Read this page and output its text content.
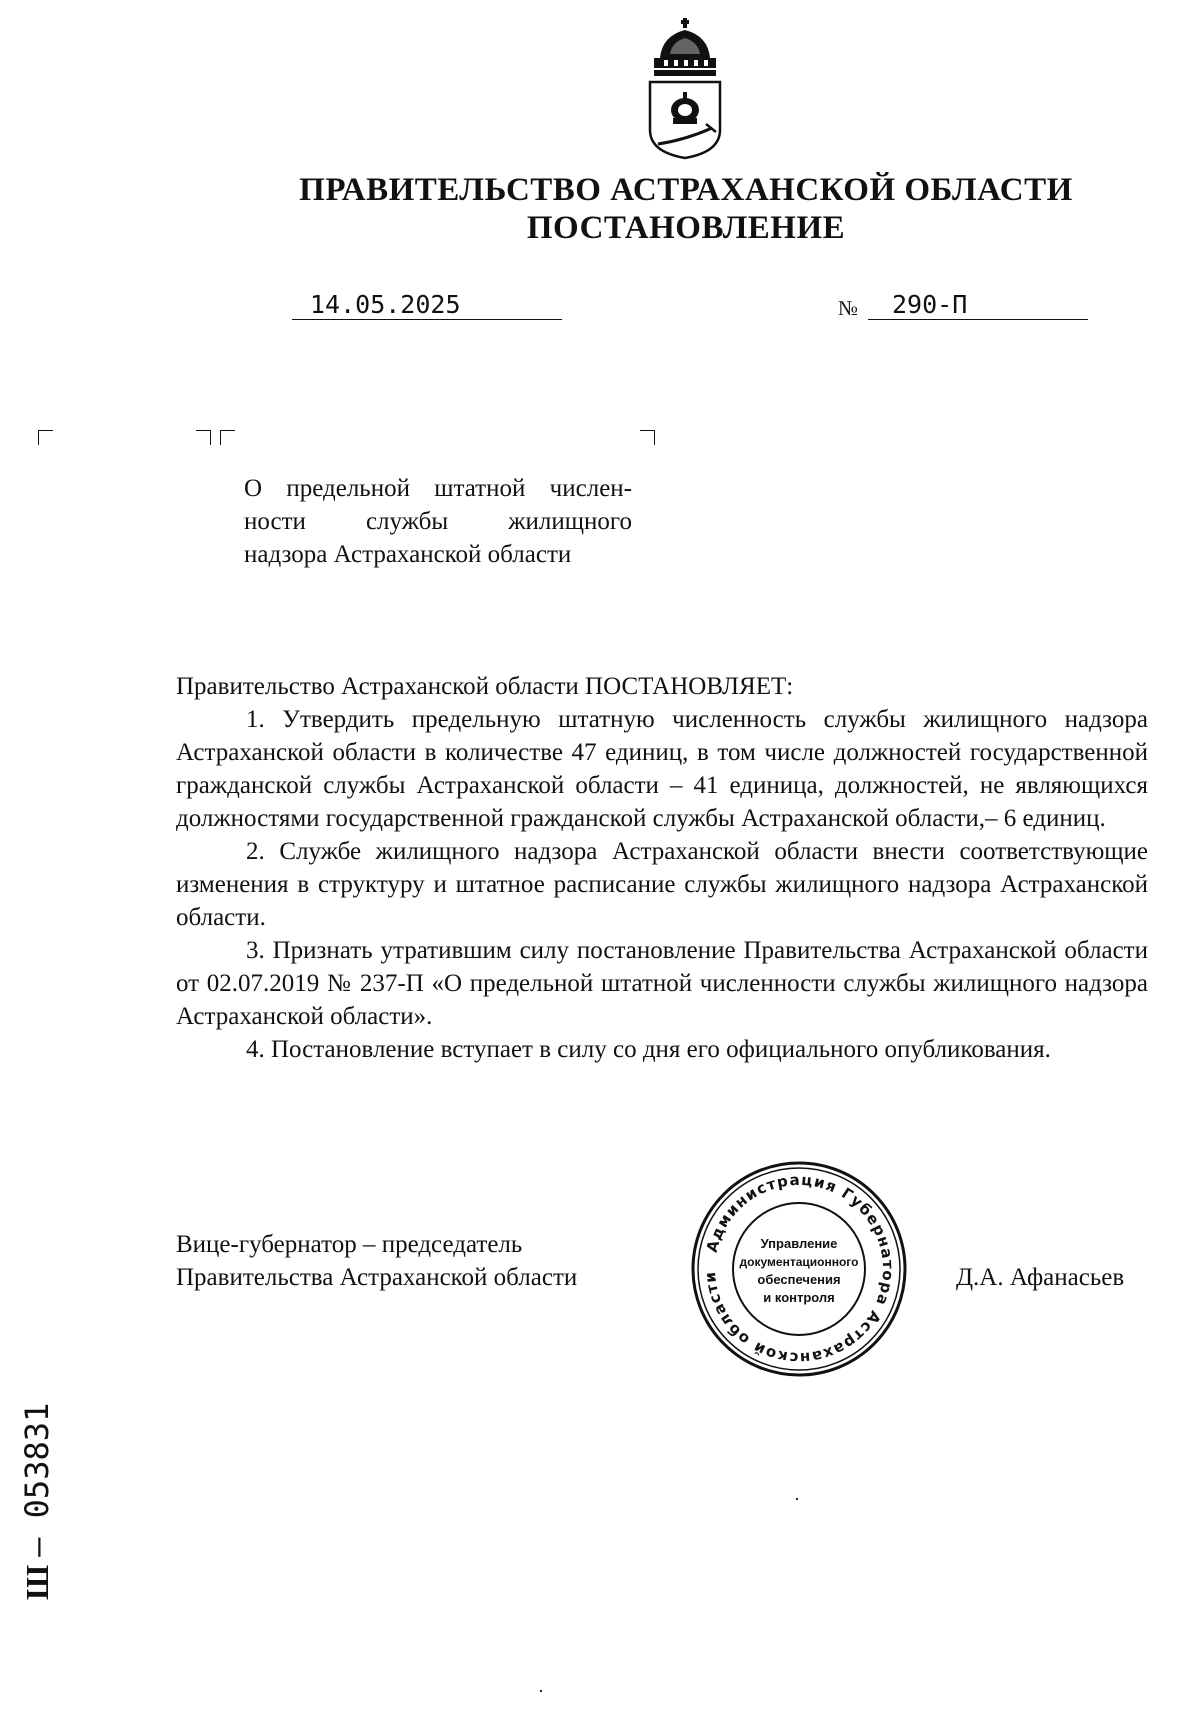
ПРАВИТЕЛЬСТВО АСТРАХАНСКОЙ ОБЛАСТИ
ПОСТАНОВЛЕНИЕ
14.05.2025	№ 290-П
О предельной штатной числен-
ности службы жилищного
надзора Астраханской области

Правительство Астраханской области ПОСТАНОВЛЯЕТ:

1. Утвердить предельную штатную численность службы жилищного надзора Астраханской области в количестве 47 единиц, в том числе должностей государственной гражданской службы Астраханской области – 41 единица, должностей, не являющихся должностями государственной гражданской службы Астраханской области,– 6 единиц.

2. Службе жилищного надзора Астраханской области внести соответствующие изменения в структуру и штатное расписание службы жилищного надзора Астраханской области.

3. Признать утратившим силу постановление Правительства Астраханской области от 02.07.2019 № 237-П «О предельной штатной численности службы жилищного надзора Астраханской области».

4. Постановление вступает в силу со дня его официального опубликования.

Вице-губернатор – председатель
Правительства Астраханской области	Д.А. Афанасьев
Администрация Губернатора Астраханской области
Управление
документационного
обеспечения
и контроля
Ш – 053831
